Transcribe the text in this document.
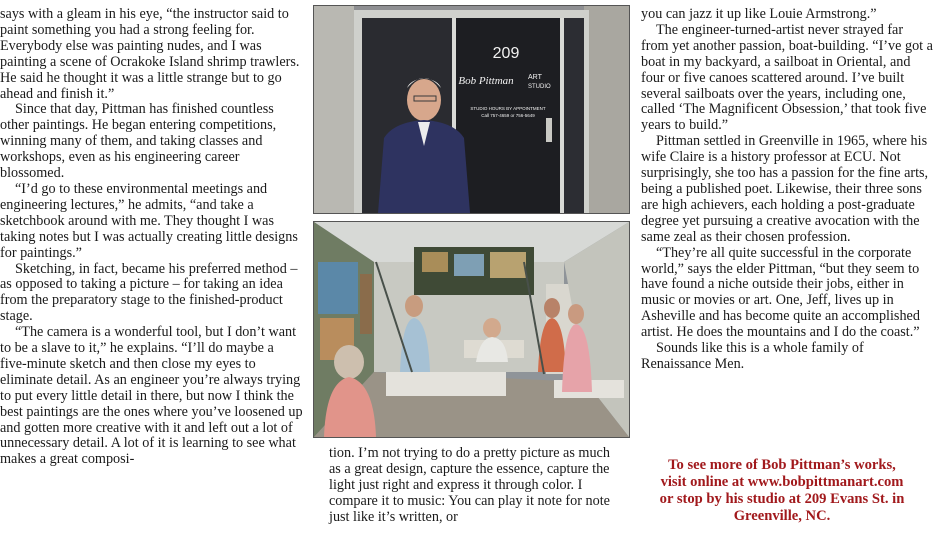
says with a gleam in his eye, “the instructor said to paint something you had a strong feeling for. Everybody else was painting nudes, and I was painting a scene of Ocrakoke Island shrimp trawlers. He said he thought it was a little strange but to go ahead and finish it.”

Since that day, Pittman has finished countless other paintings. He began entering competitions, winning many of them, and taking classes and workshops, even as his engineering career blossomed.

“I’d go to these environmental meetings and engineering lectures,” he admits, “and take a sketchbook around with me. They thought I was taking notes but I was actually creating little designs for paintings.”

Sketching, in fact, became his preferred method – as opposed to taking a picture – for taking an idea from the preparatory stage to the finished-product stage.

“The camera is a wonderful tool, but I don’t want to be a slave to it,” he explains. “I’ll do maybe a five-minute sketch and then close my eyes to eliminate detail. As an engineer you’re always trying to put every little detail in there, but now I think the best paintings are the ones where you’ve loosened up and gotten more creative with it and left out a lot of unnecessary detail. A lot of it is learning to see what makes a great composi-

209
Bob Pittman ART
STUDIO
STUDIO HOURS BY APPOINTMENT
Call 757-4659 or 756-5649

tion. I’m not trying to do a pretty picture as much as a great design, capture the essence, capture the light just right and express it through color. I compare it to music: You can play it note for note just like it’s written, or

you can jazz it up like Louie Armstrong.”

The engineer-turned-artist never strayed far from yet another passion, boat-building. “I’ve got a boat in my backyard, a sailboat in Oriental, and four or five canoes scattered around. I’ve built several sailboats over the years, including one, called ‘The Magnificent Obsession,’ that took five years to build.”

Pittman settled in Greenville in 1965, where his wife Claire is a history professor at ECU. Not surprisingly, she too has a passion for the fine arts, being a published poet. Likewise, their three sons are high achievers, each holding a post-graduate degree yet pursuing a creative avocation with the same zeal as their chosen profession.

“They’re all quite successful in the corporate world,” says the elder Pittman, “but they seem to have found a niche outside their jobs, either in music or movies or art. One, Jeff, lives up in Asheville and has become quite an accomplished artist. He does the mountains and I do the coast.”

Sounds like this is a whole family of Renaissance Men.

To see more of Bob Pittman’s works,
visit online at www.bobpittmanart.com
or stop by his studio at 209 Evans St. in
Greenville, NC.
